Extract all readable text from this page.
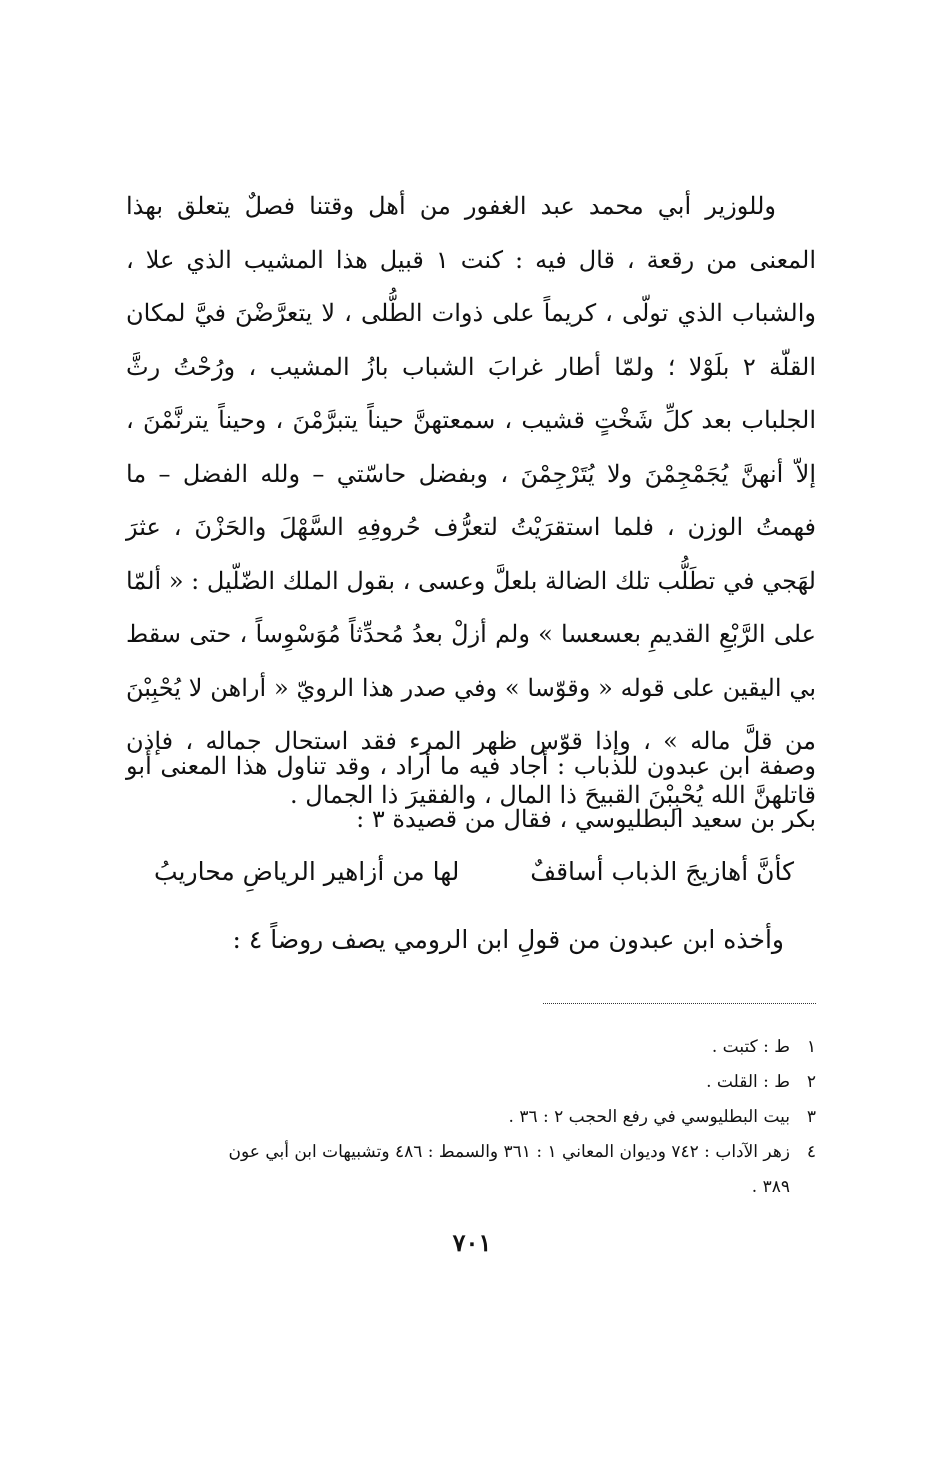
وللوزير أبي محمد عبد الغفور من أهل وقتنا فصلٌ يتعلق بهذا المعنى من رقعة ، قال فيه : كنت ١ قبيل هذا المشيب الذي علا ، والشباب الذي تولّى ، كريماً على ذوات الطُّلى ، لا يتعرَّضْنَ فيَّ لمكان القلّة ٢ بلَوْلا ؛ ولمّا أطار غرابَ الشباب بازُ المشيب ، ورُحْتُ رثَّ الجلباب بعد كلِّ شَخْتٍ قشيب ، سمعتهنَّ حيناً يتبرَّمْنَ ، وحيناً يترنَّمْنَ ، إلاّ أنهنَّ يُجَمْجِمْنَ ولا يُتَرْجِمْنَ ، وبفضل حاسّتي – ولله الفضل – ما فهمتُ الوزن ، فلما استقرَيْتُ لتعرُّف حُروفِهِ السَّهْلَ والحَزْنَ ، عثرَ لهَجي في تطَلُّب تلك الضالة بلعلَّ وعسى ، بقول الملك الضّلّيل : « ألمّا على الرَّبْعِ القديمِ بعسعسا » ولم أزلْ بعدُ مُحدِّثاً مُوَسْوِساً ، حتى سقط بي اليقين على قوله « وقوّسا » وفي صدر هذا الرويّ « أراهن لا يُحْبِبْنَ من قلَّ ماله » ، وإذا قوّس ظهر المرء فقد استحال جماله ، فإذن قاتلهنَّ الله يُحْبِبْنَ القبيحَ ذا المال ، والفقيرَ ذا الجمال .
وصفة ابن عبدون للذباب : أجاد فيه ما أراد ، وقد تناول هذا المعنى أبو بكر بن سعيد البطليوسي ، فقال من قصيدة ٣ :
كأنَّ أهازيجَ الذباب أساقفٌ
لها من أزاهير الرياضِ محاريبُ
وأخذه ابن عبدون من قولِ ابن الرومي يصف روضاً ٤ :
١
ط : كتبت .
٢
ط : القلت .
٣
بيت البطليوسي في رفع الحجب ٢ : ٣٦ .
٤
زهر الآداب : ٧٤٢ وديوان المعاني ١ : ٣٦١ والسمط : ٤٨٦ وتشبيهات ابن أبي عون
٣٨٩ .
٧٠١
